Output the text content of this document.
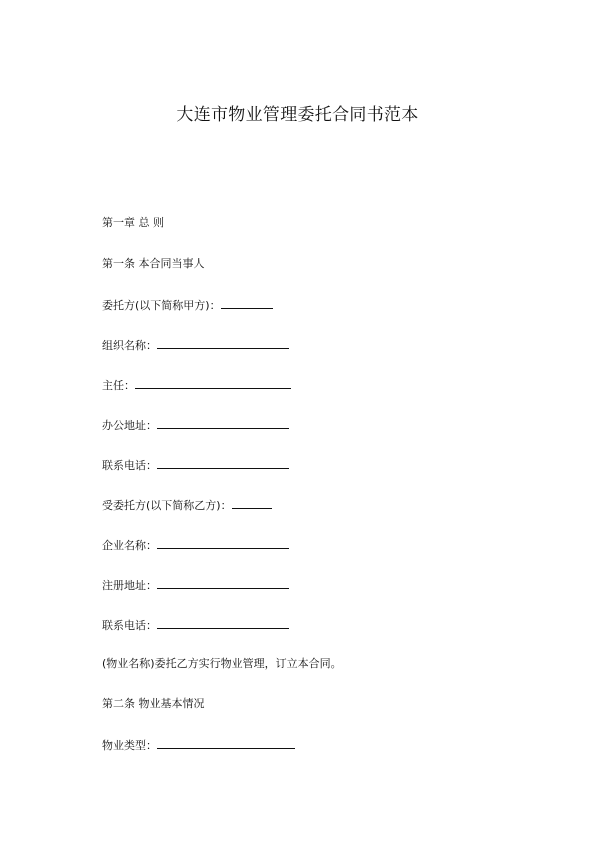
大连市物业管理委托合同书范本
第一章 总 则
第一条 本合同当事人
委托方(以下简称甲方)：
组织名称：
主任：
办公地址：
联系电话：
受委托方(以下简称乙方)：
企业名称：
注册地址：
联系电话：
(物业名称)委托乙方实行物业管理，订立本合同。
第二条 物业基本情况
物业类型：
